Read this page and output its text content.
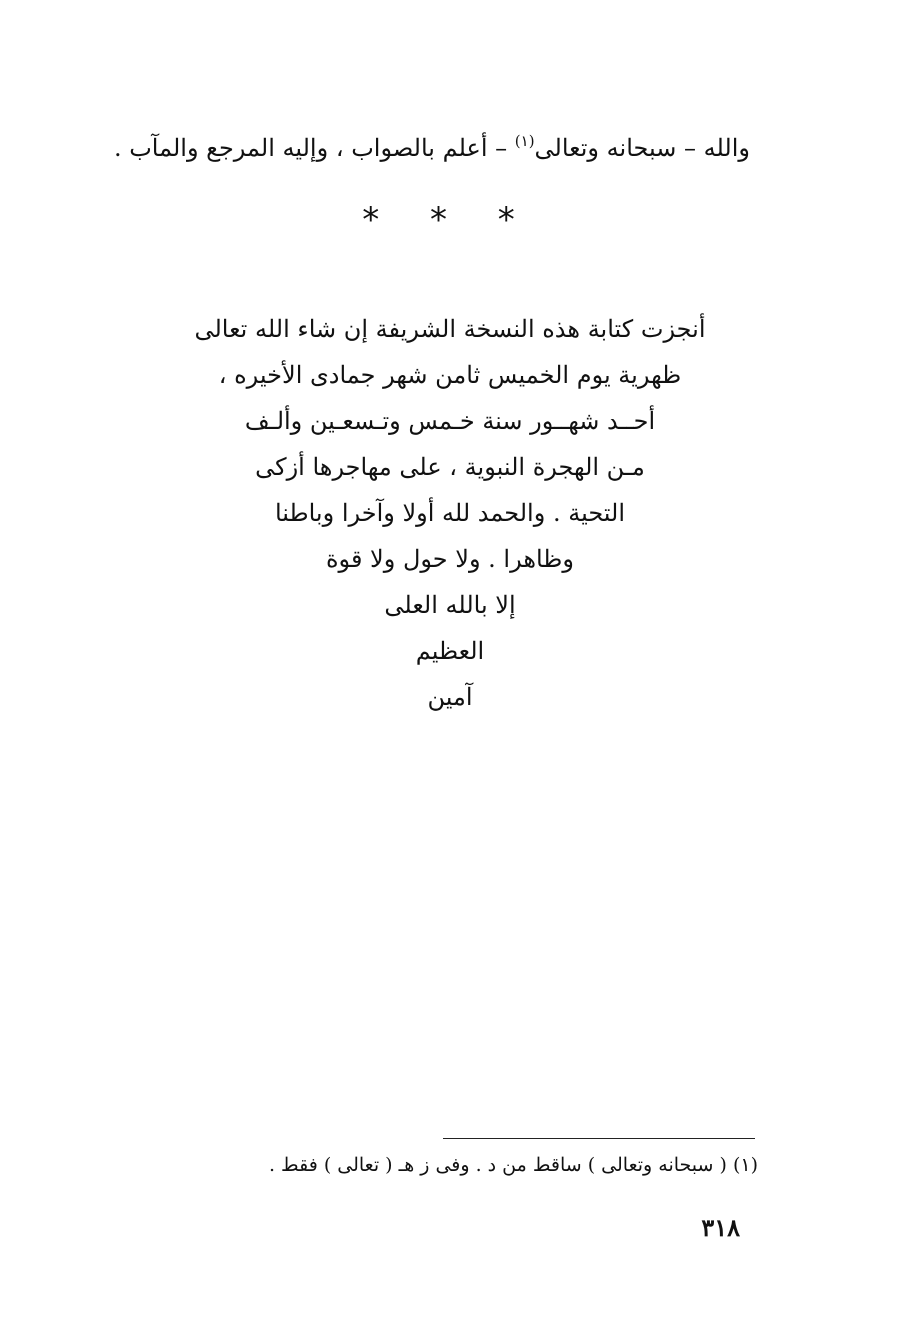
والله – سبحانه وتعالى$^{(١)}$ – أعلم بالصواب ، وإليه المرجع والمآب .
* * *
أنجزت كتابة هذه النسخة الشريفة إن شاء الله تعالى
ظهرية يوم الخميس ثامن شهر جمادى الأخيره ،
أحــد شهــور سنة خـمس وتـسعـين وألـف
مـن الهجرة النبوية ، على مهاجرها أزكى
التحية . والحمد لله أولا وآخرا وباطنا
وظاهرا . ولا حول ولا قوة
إلا بالله العلى
العظيم
آمين
(١) ( سبحانه وتعالى ) ساقط من د . وفى ز هـ ( تعالى ) فقط .
٣١٨
